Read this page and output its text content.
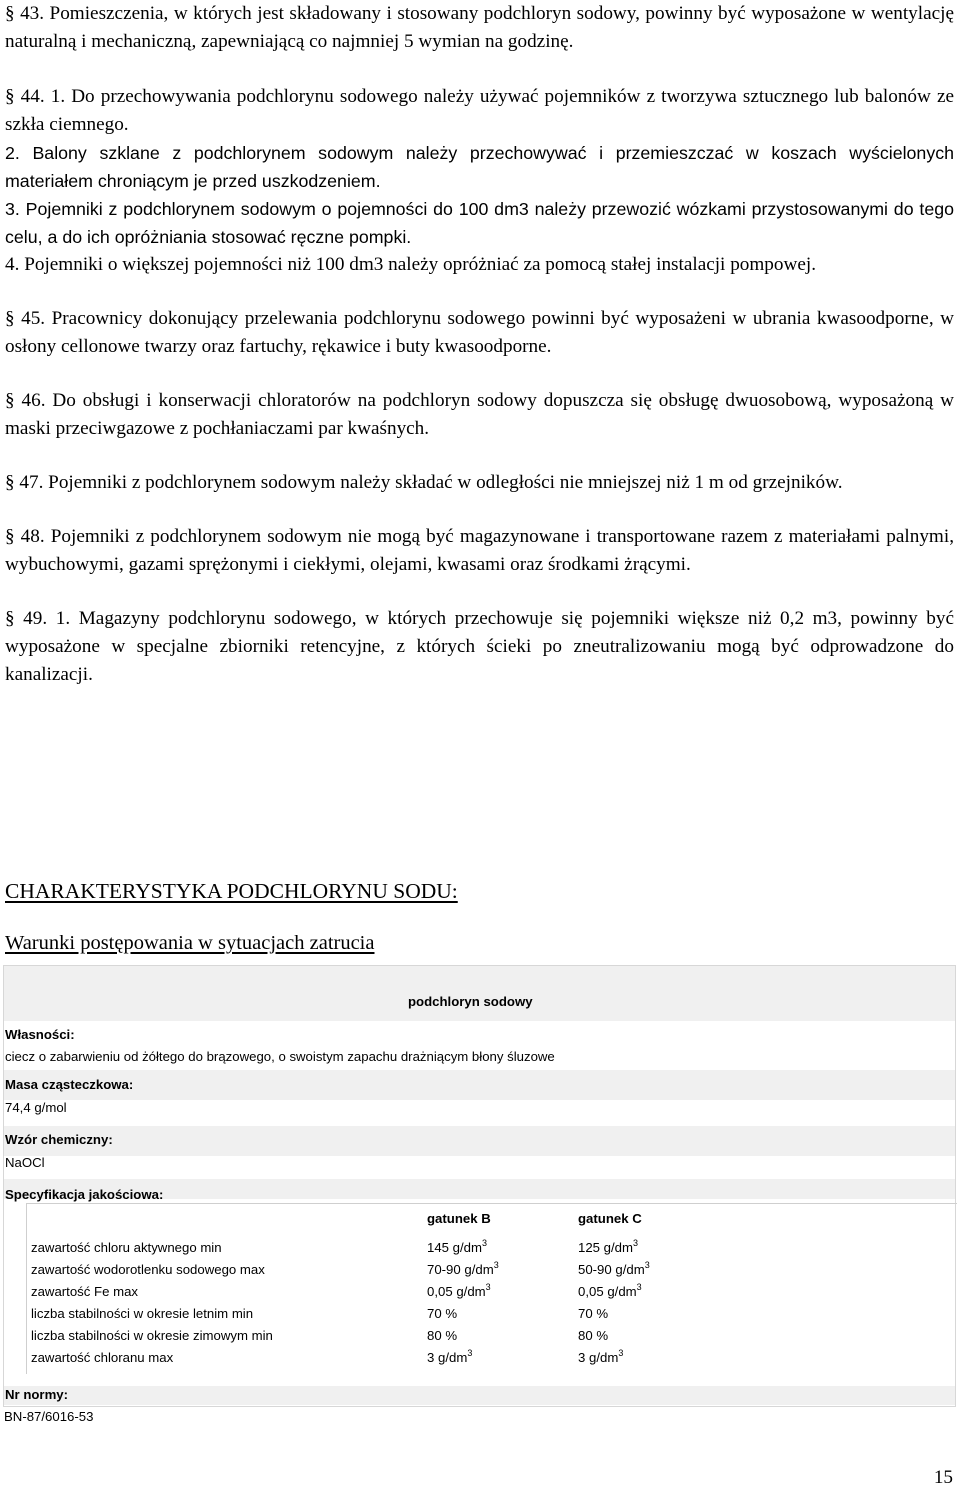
§ 43. Pomieszczenia, w których jest składowany i stosowany podchloryn sodowy, powinny być wyposażone w wentylację naturalną i mechaniczną, zapewniającą co najmniej 5 wymian na godzinę.

§ 44. 1. Do przechowywania podchlorynu sodowego należy używać pojemników z tworzywa sztucznego lub balonów ze szkła ciemnego.

2. Balony szklane z podchlorynem sodowym należy przechowywać i przemieszczać w koszach wyścielonych materiałem chroniącym je przed uszkodzeniem.

3. Pojemniki z podchlorynem sodowym o pojemności do 100 dm3 należy przewozić wózkami przystosowanymi do tego celu, a do ich opróżniania stosować ręczne pompki.

4. Pojemniki o większej pojemności niż 100 dm3 należy opróżniać za pomocą stałej instalacji pompowej.

§ 45. Pracownicy dokonujący przelewania podchlorynu sodowego powinni być wyposażeni w ubrania kwasoodporne, w osłony cellonowe twarzy oraz fartuchy, rękawice i buty kwasoodporne.

§ 46. Do obsługi i konserwacji chloratorów na podchloryn sodowy dopuszcza się obsługę dwuosobową, wyposażoną w maski przeciwgazowe z pochłaniaczami par kwaśnych.

§ 47. Pojemniki z podchlorynem sodowym należy składać w odległości nie mniejszej niż 1 m od grzejników.

§ 48. Pojemniki z podchlorynem sodowym nie mogą być magazynowane i transportowane razem z materiałami palnymi, wybuchowymi, gazami sprężonymi i ciekłymi, olejami, kwasami oraz środkami żrącymi.

§ 49. 1. Magazyny podchlorynu sodowego, w których przechowuje się pojemniki większe niż 0,2 m3, powinny być wyposażone w specjalne zbiorniki retencyjne, z których ścieki po zneutralizowaniu mogą być odprowadzone do kanalizacji.

CHARAKTERYSTYKA PODCHLORYNU SODU:

Warunki postępowania w sytuacjach zatrucia

podchloryn sodowy
Własności:
ciecz o zabarwieniu od żółtego do brązowego, o swoistym zapachu drażniącym błony śluzowe
Masa cząsteczkowa:
74,4 g/mol
Wzór chemiczny:
NaOCl
Specyfikacja jakościowa:
gatunek B	gatunek C
zawartość chloru aktywnego min	145 $g/dm^3$	125 $g/dm^3$
zawartość wodorotlenku sodowego max	70-90 $g/dm^3$	50-90 $g/dm^3$
zawartość Fe max	0,05 $g/dm^3$	0,05 $g/dm^3$
liczba stabilności w okresie letnim min	70 %	70 %
liczba stabilności w okresie zimowym min	80 %	80 %
zawartość chloranu max	3 $g/dm^3$	3 $g/dm^3$
Nr normy:
BN-87/6016-53
15
